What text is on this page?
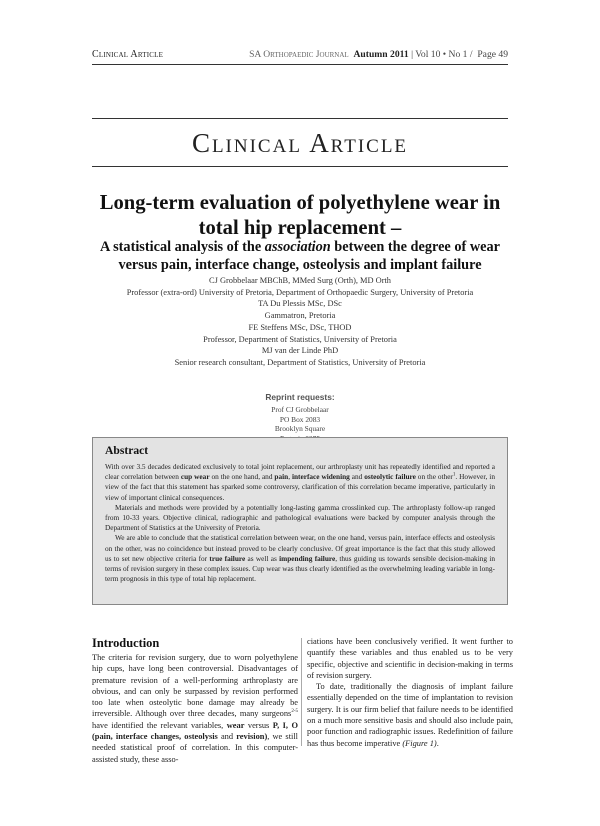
Clinical Article	SA Orthopaedic Journal Autumn 2011 | Vol 10 • No 1 /  Page 49
Clinical Article
Long-term evaluation of polyethylene wear in
total hip replacement –
A statistical analysis of the association between the degree of wear
versus pain, interface change, osteolysis and implant failure
CJ Grobbelaar MBChB, MMed Surg (Orth), MD Orth
Professor (extra-ord) University of Pretoria, Department of Orthopaedic Surgery, University of Pretoria
TA Du Plessis MSc, DSc
Gammatron, Pretoria
FE Steffens MSc, DSc, THOD
Professor, Department of Statistics, University of Pretoria
MJ van der Linde PhD
Senior research consultant, Department of Statistics, University of Pretoria
Reprint requests:
Prof CJ Grobbelaar
PO Box 2083
Brooklyn Square
Abstract

With over 3.5 decades dedicated exclusively to total joint replacement, our arthroplasty unit has repeatedly identified and reported a clear correlation between cup wear on the one hand, and pain, interface widening and osteolytic failure on the other$^1$. However, in view of the fact that this statement has sparked some controversy, clarification of this correlation became imperative, particularly in view of important clinical consequences.

Materials and methods were provided by a potentially long-lasting gamma crosslinked cup. The arthroplasty follow-up ranged from 10-33 years. Objective clinical, radiographic and pathological evaluations were backed by computer analysis through the Department of Statistics at the University of Pretoria.

We are able to conclude that the statistical correlation between wear, on the one hand, versus pain, interface effects and osteolysis on the other, was no coincidence but instead proved to be clearly conclusive. Of great importance is the fact that this study allowed us to set new objective criteria for true failure as well as impending failure, thus guiding us towards sensible decision-making in terms of revision surgery in these complex issues. Cup wear was thus clearly identified as the overwhelming leading variable in long-term prognosis in this type of total hip replacement.

Introduction

The criteria for revision surgery, due to worn polyethylene hip cups, have long been controversial. Disadvantages of premature revision of a well-performing arthroplasty are obvious, and can only be surpassed by revision performed too late when osteolytic bone damage may already be irreversible. Although over three decades, many surgeons$^{2-5}$ have identified the relevant variables, wear versus P, I, O (pain, interface changes, osteolysis and revision), we still needed statistical proof of correlation. In this computer-assisted study, these asso-

ciations have been conclusively verified. It went further to quantify these variables and thus enabled us to be very specific, objective and scientific in decision-making in terms of revision surgery.

To date, traditionally the diagnosis of implant failure essentially depended on the time of implantation to revision surgery. It is our firm belief that failure needs to be identified on a much more sensitive basis and should also include pain, poor function and radiographic issues. Redefinition of failure has thus become imperative (Figure 1).
